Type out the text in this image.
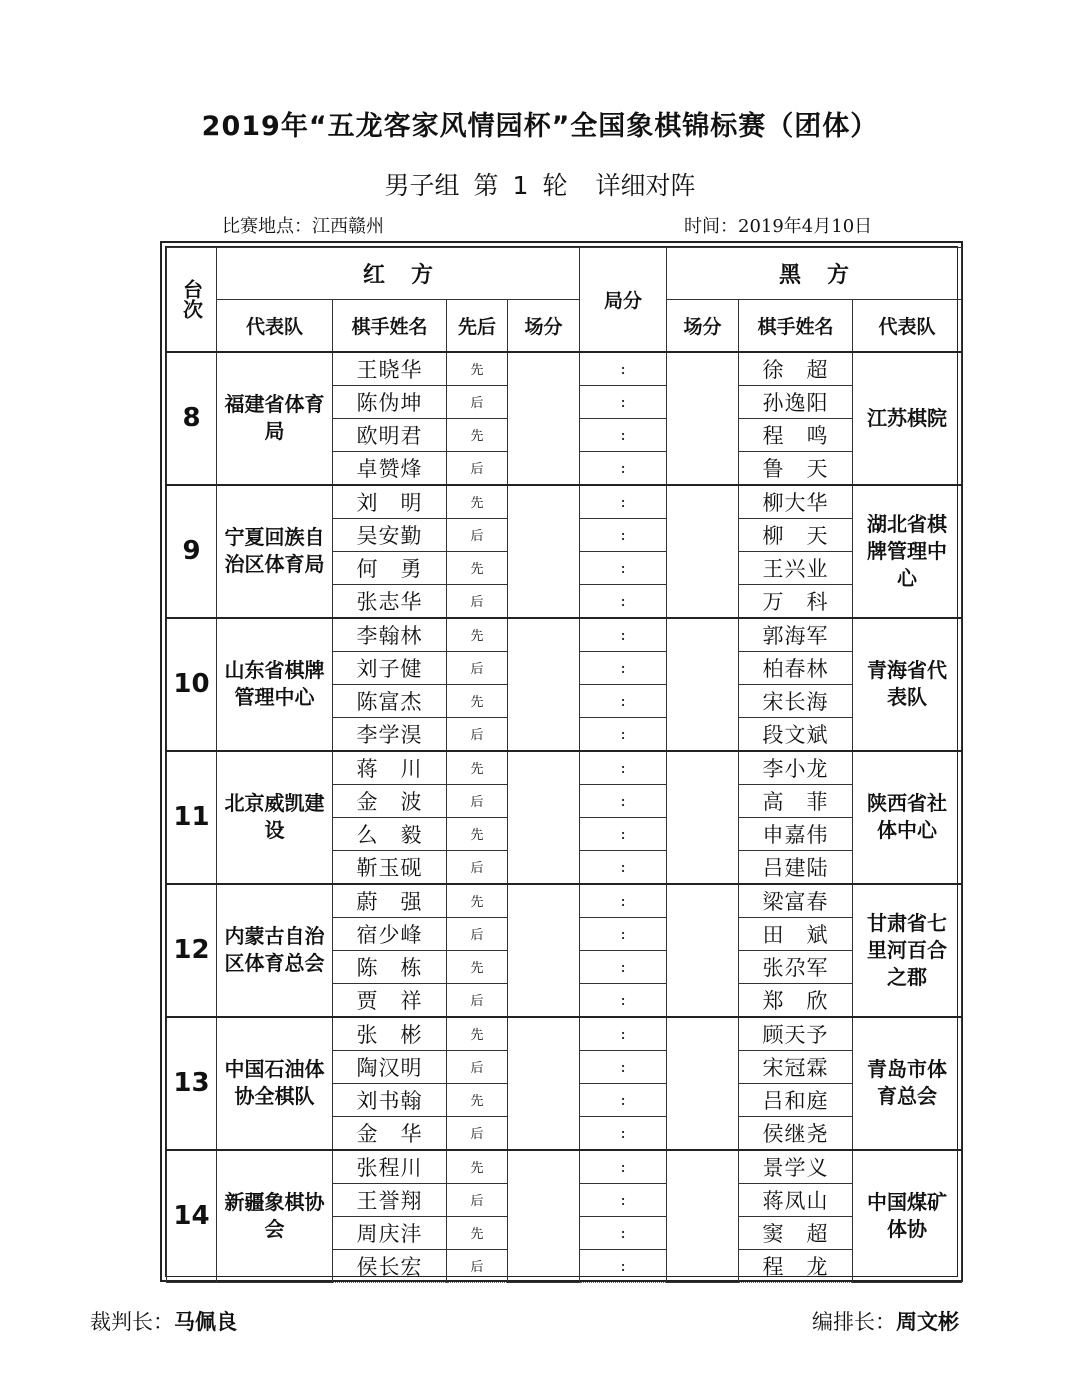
2019年“五龙客家风情园杯”全国象棋锦标赛（团体）
男子组 第 1 轮 详细对阵
比赛地点：江西赣州	时间：2019年4月10日
台次	红方				局分	黑方		
	代表队	棋手姓名	先后	场分		场分	棋手姓名	代表队
8	福建省体育局	王晓华	先		:		徐　超	江苏棋院
		陈伪坤	后		:		孙逸阳	
		欧明君	先		:		程　鸣	
		卓赞烽	后		:		鲁　天	
9	宁夏回族自治区体育局	刘　明	先		:		柳大华	湖北省棋牌管理中心
		吴安勤	后		:		柳　天	
		何　勇	先		:		王兴业	
		张志华	后		:		万　科	
10	山东省棋牌管理中心	李翰林	先		:		郭海军	青海省代表队
		刘子健	后		:		柏春林	
		陈富杰	先		:		宋长海	
		李学淏	后		:		段文斌	
11	北京威凯建设	蒋　川	先		:		李小龙	陕西省社体中心
		金　波	后		:		高　菲	
		么　毅	先		:		申嘉伟	
		靳玉砚	后		:		吕建陆	
12	内蒙古自治区体育总会	蔚　强	先		:		梁富春	甘肃省七里河百合之郡
		宿少峰	后		:		田　斌	
		陈　栋	先		:		张尕军	
		贾　祥	后		:		郑　欣	
13	中国石油体协全棋队	张　彬	先		:		顾天予	青岛市体育总会
		陶汉明	后		:		宋冠霖	
		刘书翰	先		:		吕和庭	
		金　华	后		:		侯继尧	
14	新疆象棋协会	张程川	先		:		景学义	中国煤矿体协
		王誉翔	后		:		蒋凤山	
		周庆沣	先		:		窦　超	
		侯长宏	后		:		程　龙	
裁判长：马佩良	编排长：周文彬
